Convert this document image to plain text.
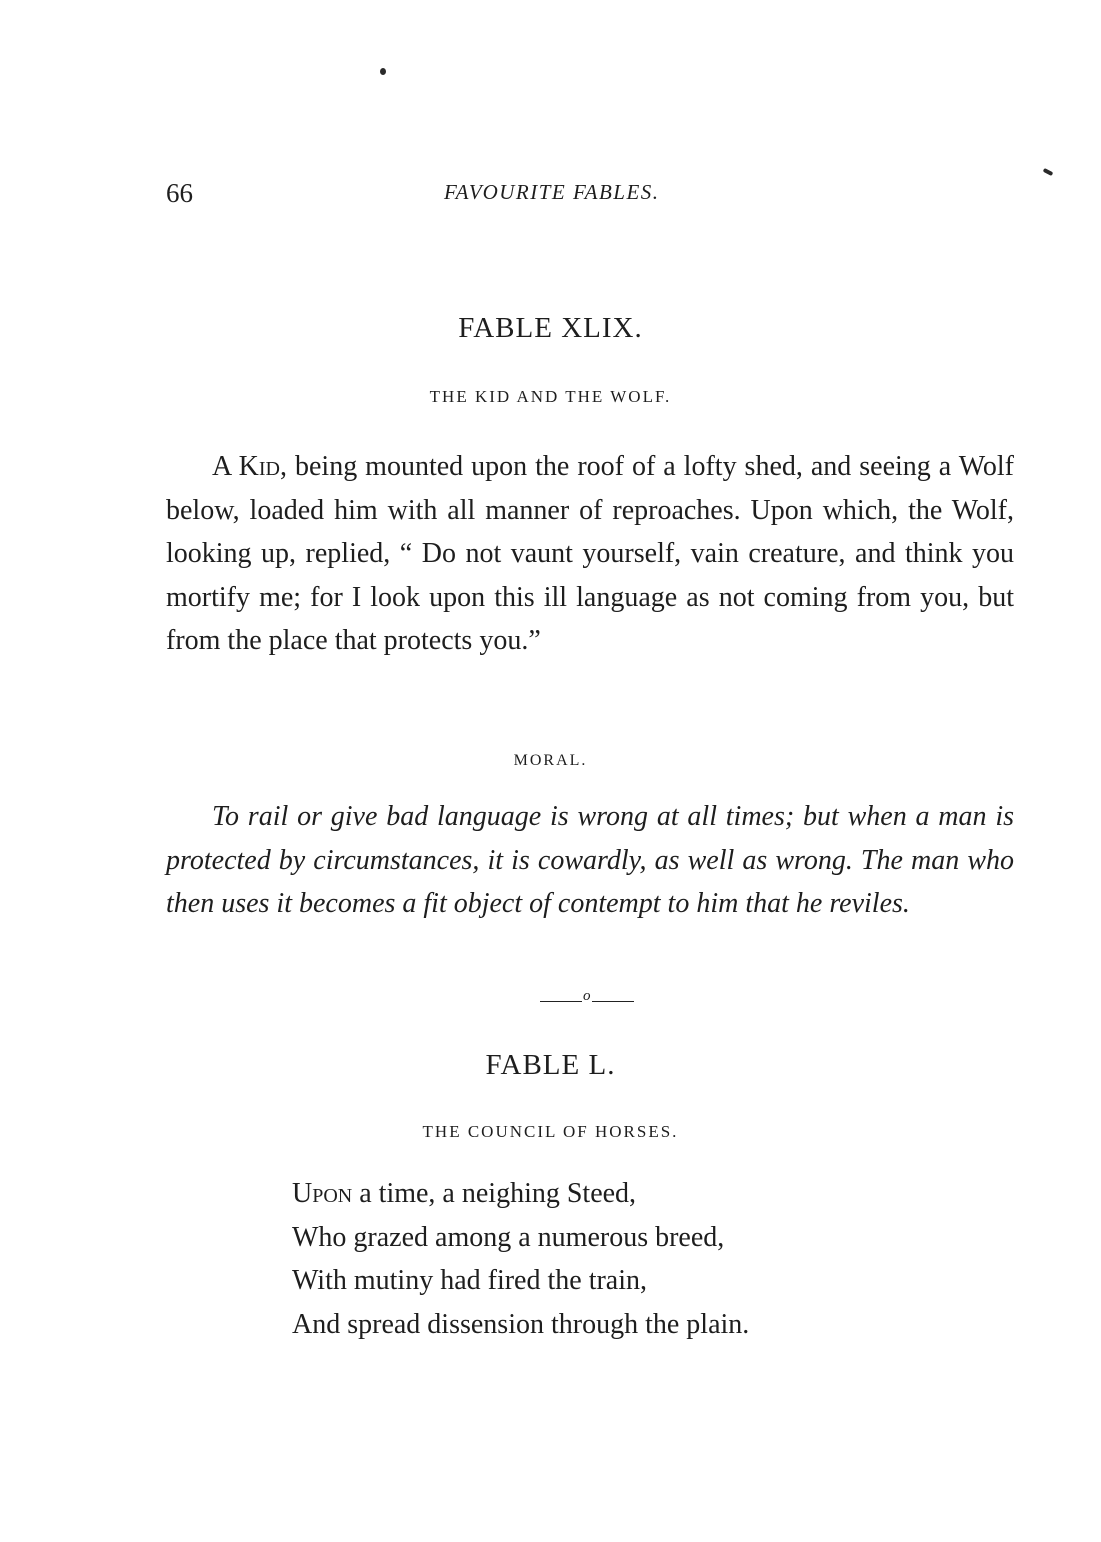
66	FAVOURITE FABLES.
FABLE XLIX.
THE KID AND THE WOLF.

A Kid, being mounted upon the roof of a lofty shed, and seeing a Wolf below, loaded him with all manner of reproaches. Upon which, the Wolf, looking up, replied, “ Do not vaunt yourself, vain creature, and think you mortify me; for I look upon this ill language as not coming from you, but from the place that protects you.”

MORAL.

To rail or give bad language is wrong at all times; but when a man is protected by circumstances, it is cowardly, as well as wrong. The man who then uses it becomes a fit object of contempt to him that he reviles.

o
FABLE L.
THE COUNCIL OF HORSES.
Upon a time, a neighing Steed,
Who grazed among a numerous breed,
With mutiny had fired the train,
And spread dissension through the plain.
